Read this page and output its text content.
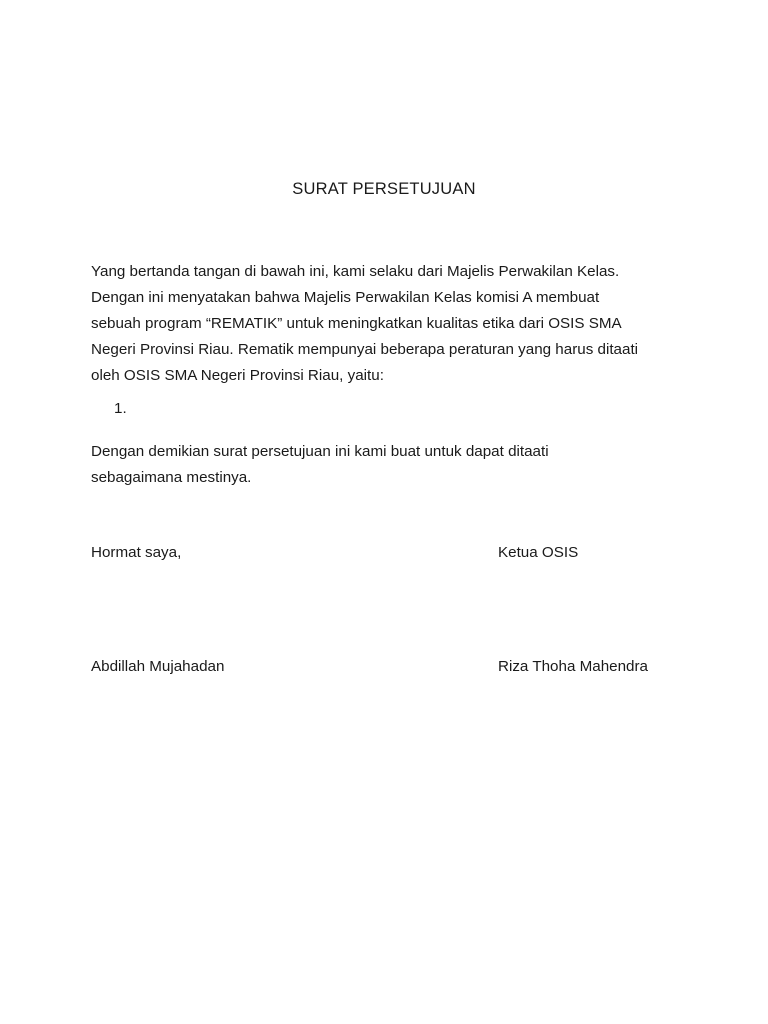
SURAT PERSETUJUAN
Yang bertanda tangan di bawah ini, kami selaku dari Majelis Perwakilan Kelas.
Dengan ini menyatakan bahwa Majelis Perwakilan Kelas komisi A membuat
sebuah program “REMATIK” untuk meningkatkan kualitas etika dari OSIS SMA
Negeri Provinsi Riau. Rematik mempunyai beberapa peraturan yang harus ditaati
oleh OSIS SMA Negeri Provinsi Riau, yaitu:
1.
Dengan demikian surat persetujuan ini kami buat untuk dapat ditaati
sebagaimana mestinya.
Hormat saya,	Ketua OSIS
Abdillah Mujahadan	Riza Thoha Mahendra
